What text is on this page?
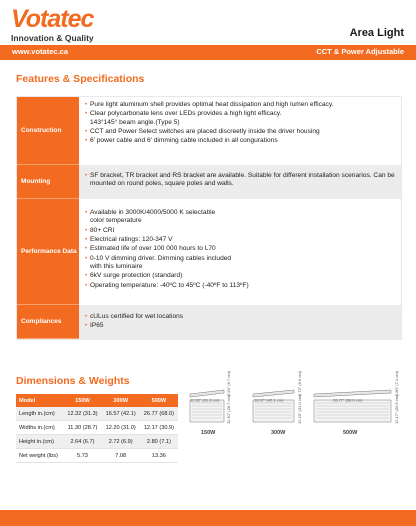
Votatec
Innovation & Quality	Area Light
www.votatec.ca	CCT & Power Adjustable
Features & Specifications
Construction
• Pure light aluminum shell provides optimal heat dissipation and high lumen efficacy.
• Clear polycarbonate lens over LEDs provides a high light efficacy.
143°145° beam angle.(Type 5)
• CCT and Power Select switches are placed discreetly inside the driver housing
• 6' power cable and 6' dimming cable included in all congurations
Mounting
• SF bracket, TR bracket and RS bracket are available. Suitable for different installation scenarios. Can be mounted on round poles, square poles and walls.
Performance Data
• Available in 3000K/4000/5000 K selectable
color temperature
• 80+ CRI
• Electrical ratings: 120-347 V
• Estimated life of over 100 000 hours to L70
• 0-10 V dimming driver. Dimming cables included
with this luminaire
• 6kV surge protection (standard)
• Operating temperature: -40ºC to 45ºC (-40ºF to 113ºF)
Compliances
• cULus certified for wet locations
• IP65
Dimensions & Weights
Model	150W	300W	500W
Length in.(cm)	12.32 (31.3)	16.57 (42.1)	26.77 (68.0)
Widths in.(cm)	11.30 (28.7)	12.20 (31.0)	12.17 (30.9)
Height in.(cm)	2.64 (6.7)	2.72 (6.9)	2.80 (7.1)
Net weight (lbs)	5.73	7.08	13.36
12.32" (31.3 cm) 11.30" (28.7 cm)
2.64" (6.7 cm)
150W
16.57" (42.1 cm)	12.20" (31.0 cm)
2.72" (6.9 cm)
300W
26.77" (68.0 cm)	12.17" (30.9 cm)
2.80" (7.1 cm)
500W
